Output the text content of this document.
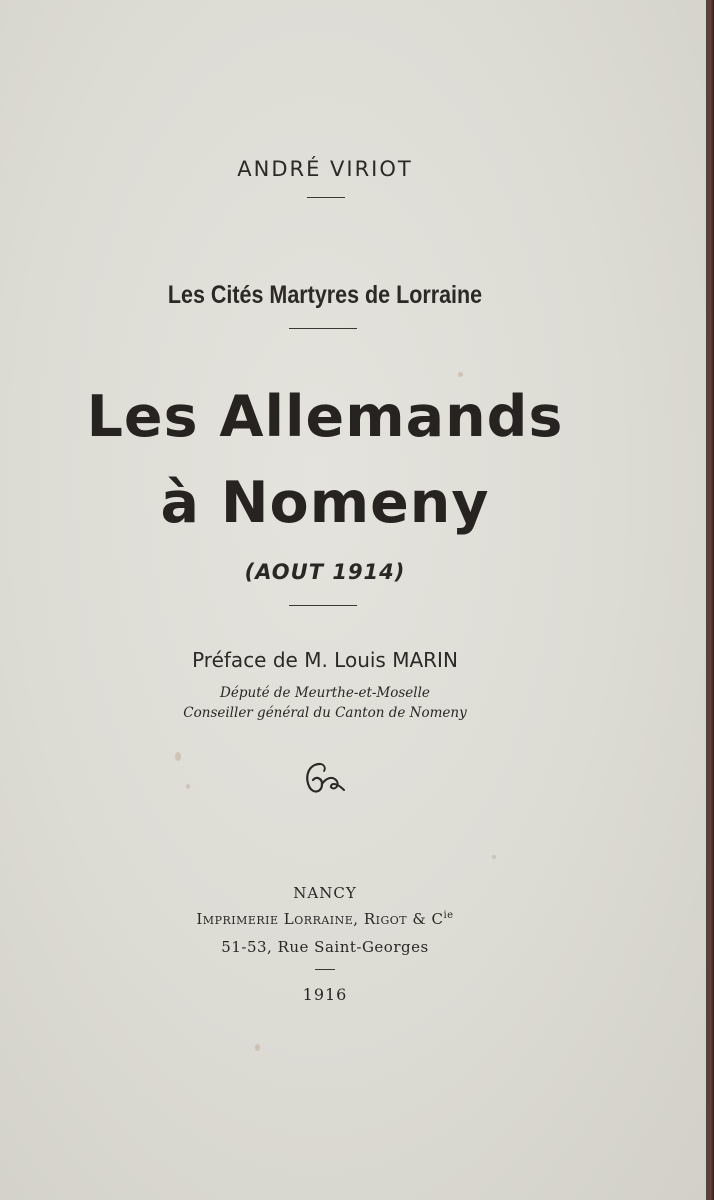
ANDRÉ VIRIOT
Les Cités Martyres de Lorraine
Les Allemands
à Nomeny
(AOUT 1914)
Préface de M. Louis MARIN
Député de Meurthe-et-Moselle
Conseiller général du Canton de Nomeny
NANCY
Imprimerie Lorraine, Rigot & $C^{ie}$
51-53, Rue Saint-Georges
1916
